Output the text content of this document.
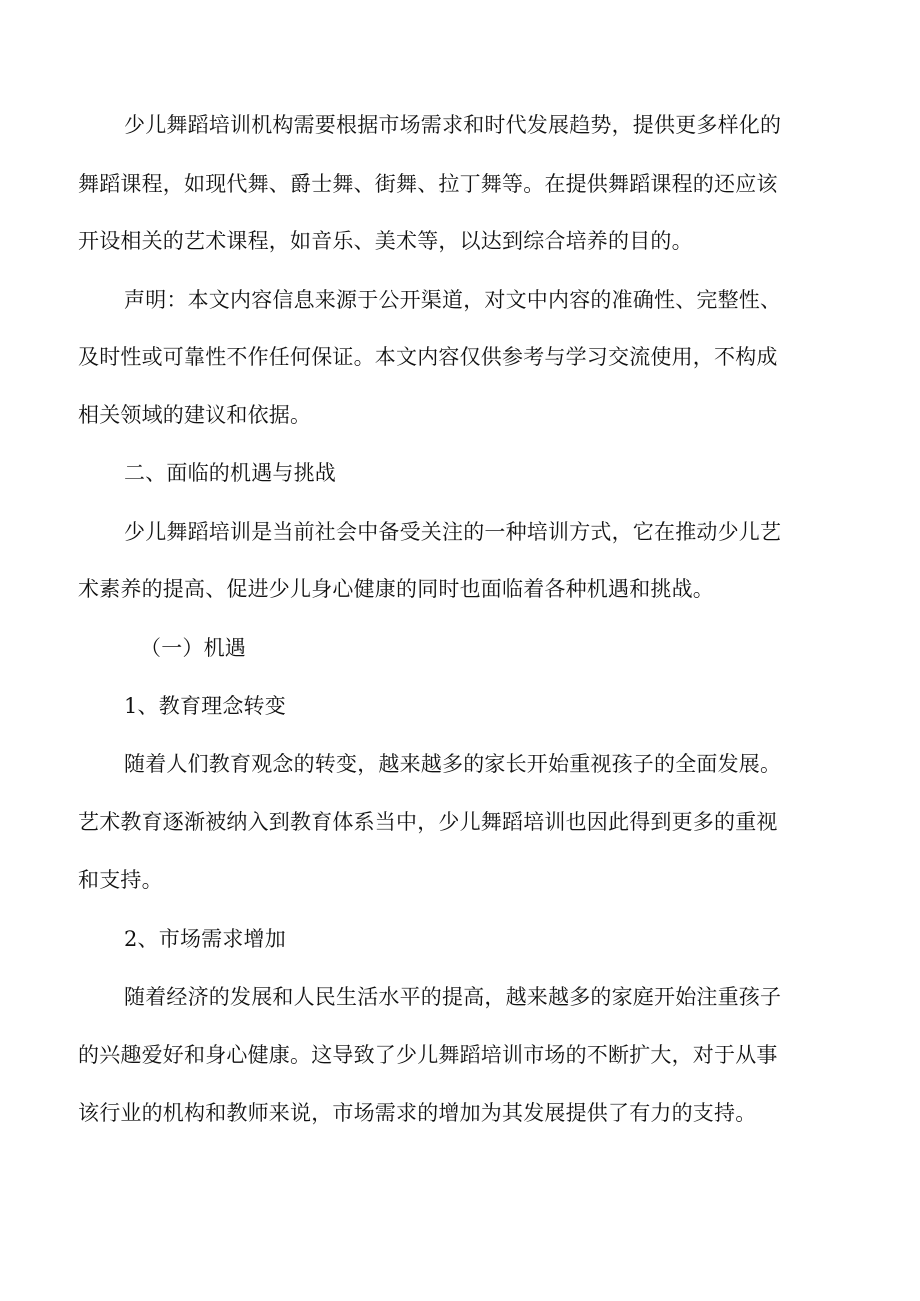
少儿舞蹈培训机构需要根据市场需求和时代发展趋势，提供更多样化的

舞蹈课程，如现代舞、爵士舞、街舞、拉丁舞等。在提供舞蹈课程的还应该

开设相关的艺术课程，如音乐、美术等，以达到综合培养的目的。

声明：本文内容信息来源于公开渠道，对文中内容的准确性、完整性、

及时性或可靠性不作任何保证。本文内容仅供参考与学习交流使用，不构成

相关领域的建议和依据。

二、面临的机遇与挑战

少儿舞蹈培训是当前社会中备受关注的一种培训方式，它在推动少儿艺

术素养的提高、促进少儿身心健康的同时也面临着各种机遇和挑战。

（一）机遇

1、教育理念转变

随着人们教育观念的转变，越来越多的家长开始重视孩子的全面发展。

艺术教育逐渐被纳入到教育体系当中，少儿舞蹈培训也因此得到更多的重视

和支持。

2、市场需求增加

随着经济的发展和人民生活水平的提高，越来越多的家庭开始注重孩子

的兴趣爱好和身心健康。这导致了少儿舞蹈培训市场的不断扩大，对于从事

该行业的机构和教师来说，市场需求的增加为其发展提供了有力的支持。
